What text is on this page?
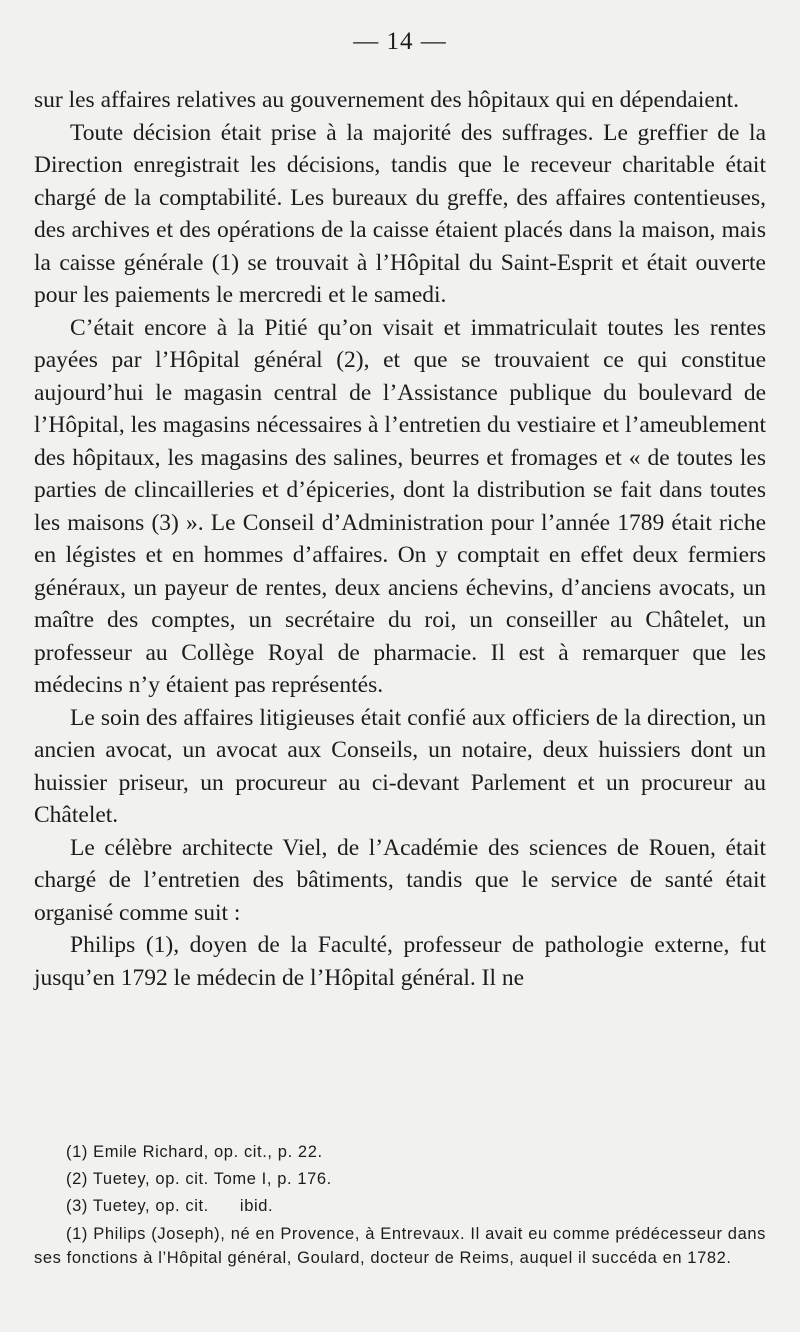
— 14 —

sur les affaires relatives au gouvernement des hôpitaux qui en dépendaient.

Toute décision était prise à la majorité des suffrages. Le greffier de la Direction enregistrait les décisions, tandis que le receveur charitable était chargé de la comptabilité. Les bureaux du greffe, des affaires contentieuses, des archives et des opérations de la caisse étaient placés dans la maison, mais la caisse générale (1) se trouvait à l’Hôpital du Saint-Esprit et était ouverte pour les paiements le mercredi et le samedi.

C’était encore à la Pitié qu’on visait et immatriculait toutes les rentes payées par l’Hôpital général (2), et que se trouvaient ce qui constitue aujourd’hui le magasin central de l’Assistance publique du boulevard de l’Hôpital, les magasins nécessaires à l’entretien du vestiaire et l’ameublement des hôpitaux, les magasins des salines, beurres et fromages et « de toutes les parties de clincailleries et d’épiceries, dont la distribution se fait dans toutes les maisons (3) ». Le Conseil d’Administration pour l’année 1789 était riche en légistes et en hommes d’affaires. On y comptait en effet deux fermiers généraux, un payeur de rentes, deux anciens échevins, d’anciens avocats, un maître des comptes, un secrétaire du roi, un conseiller au Châtelet, un professeur au Collège Royal de pharmacie. Il est à remarquer que les médecins n’y étaient pas représentés.

Le soin des affaires litigieuses était confié aux officiers de la direction, un ancien avocat, un avocat aux Conseils, un notaire, deux huissiers dont un huissier priseur, un procureur au ci-devant Parlement et un procureur au Châtelet.

Le célèbre architecte Viel, de l’Académie des sciences de Rouen, était chargé de l’entretien des bâtiments, tandis que le service de santé était organisé comme suit :

Philips (1), doyen de la Faculté, professeur de pathologie externe, fut jusqu’en 1792 le médecin de l’Hôpital général. Il ne

(1) Emile Richard, op. cit., p. 22.

(2) Tuetey, op. cit. Tome I, p. 176.

(3) Tuetey, op. cit.      ibid.

(1) Philips (Joseph), né en Provence, à Entrevaux. Il avait eu comme prédécesseur dans ses fonctions à l’Hôpital général, Goulard, docteur de Reims, auquel il succéda en 1782.
